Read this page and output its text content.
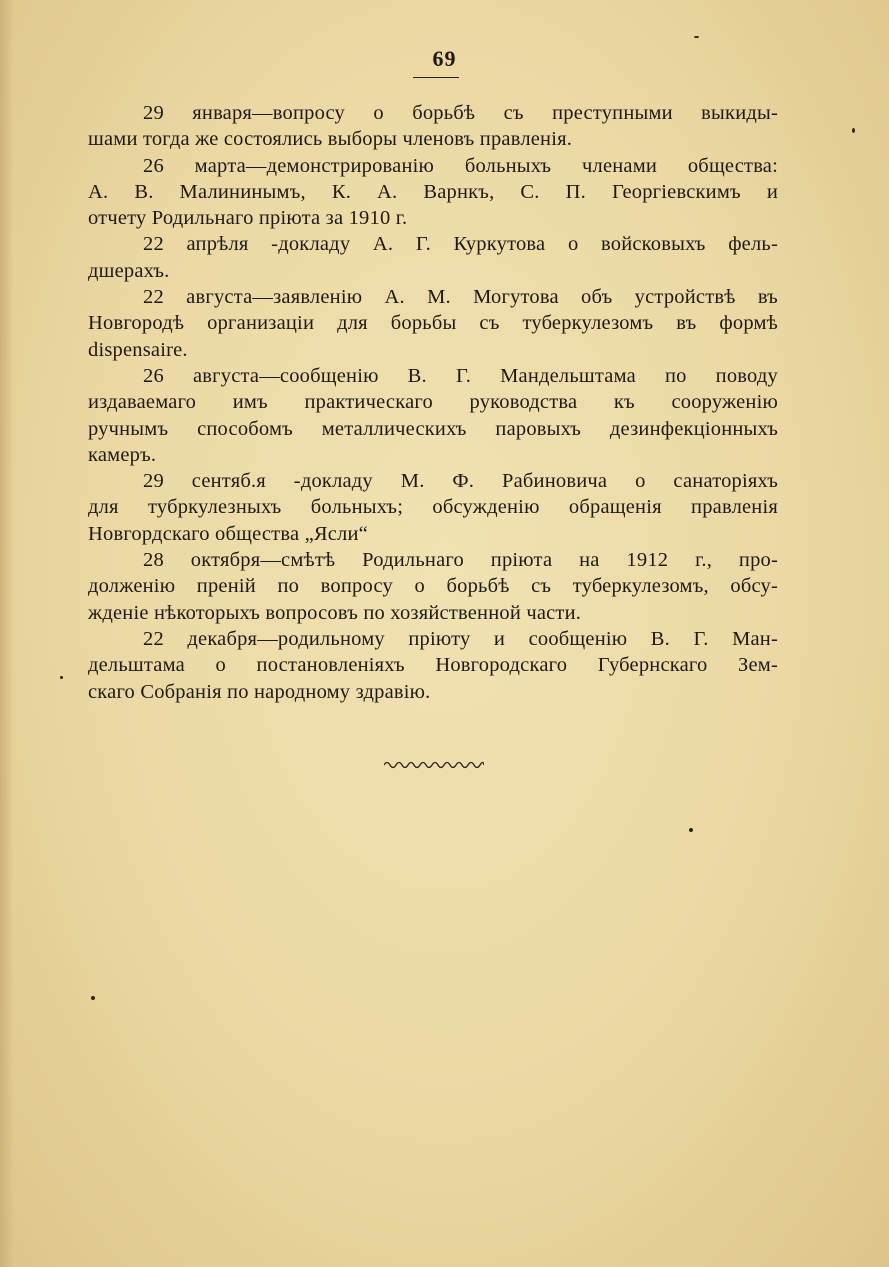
69
29 января—вопросу о борьбѣ съ преступными выкиды-
шами тогда же состоялись выборы членовъ правленія.
26 марта—демонстрированію больныхъ членами общества:
А. В. Малининымъ, К. А. Варнкъ, С. П. Георгіевскимъ и
отчету Родильнаго пріюта за 1910 г.
22 апрѣля -докладу А. Г. Куркутова о войсковыхъ фель-
дшерахъ.
22 августа—заявленію А. М. Могутова объ устройствѣ въ
Новгородѣ организаціи для борьбы съ туберкулезомъ въ формѣ
dispensaire.
26 августа—сообщенію В. Г. Мандельштама по поводу
издаваемаго имъ практическаго руководства къ сооруженію
ручнымъ способомъ металлическихъ паровыхъ дезинфекціонныхъ
камеръ.
29 сентяб.я -докладу М. Ф. Рабиновича о санаторіяхъ
для тубркулезныхъ больныхъ; обсужденію обращенія правленія
Новгордскаго общества „Ясли“
28 октября—смѣтѣ Родильнаго пріюта на 1912 г., про-
долженію преній по вопросу о борьбѣ съ туберкулезомъ, обсу-
жденіе нѣкоторыхъ вопросовъ по хозяйственной части.
22 декабря—родильному пріюту и сообщенію В. Г. Ман-
дельштама о постановленіяхъ Новгородскаго Губернскаго Зем-
скаго Собранія по народному здравію.
